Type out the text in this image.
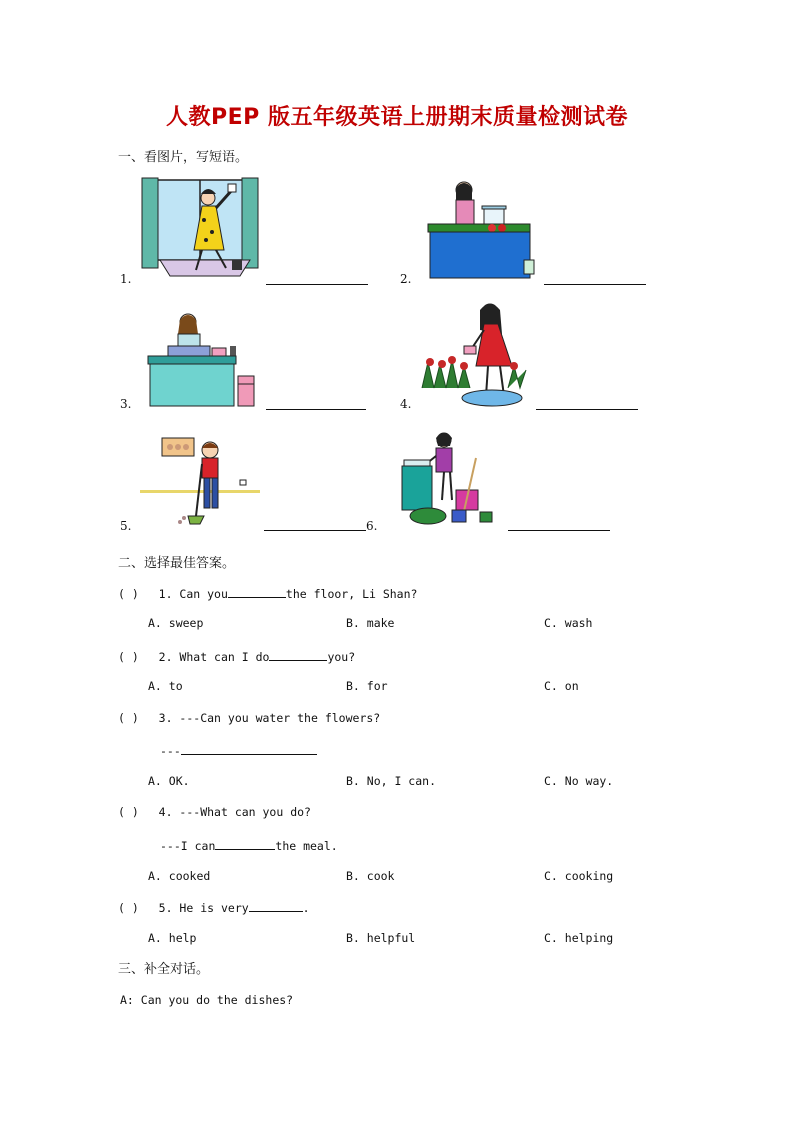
人教PEP 版五年级英语上册期末质量检测试卷
一、看图片，写短语。
1.	2.
3.	4.
5.	6.
二、选择最佳答案。
( ) 1. Can you	the floor, Li Shan?
A. sweep	B. make	C. wash
( ) 2. What can I do	you?
A. to	B. for	C. on
( ) 3. ---Can you water the flowers?
---
A. OK.	B. No, I can.	C. No way.
( ) 4. ---What can you do?
---I can	the meal.
A. cooked	B. cook	C. cooking
( ) 5. He is very	.
A. help	B. helpful	C. helping
三、补全对话。
A: Can you do the dishes?
